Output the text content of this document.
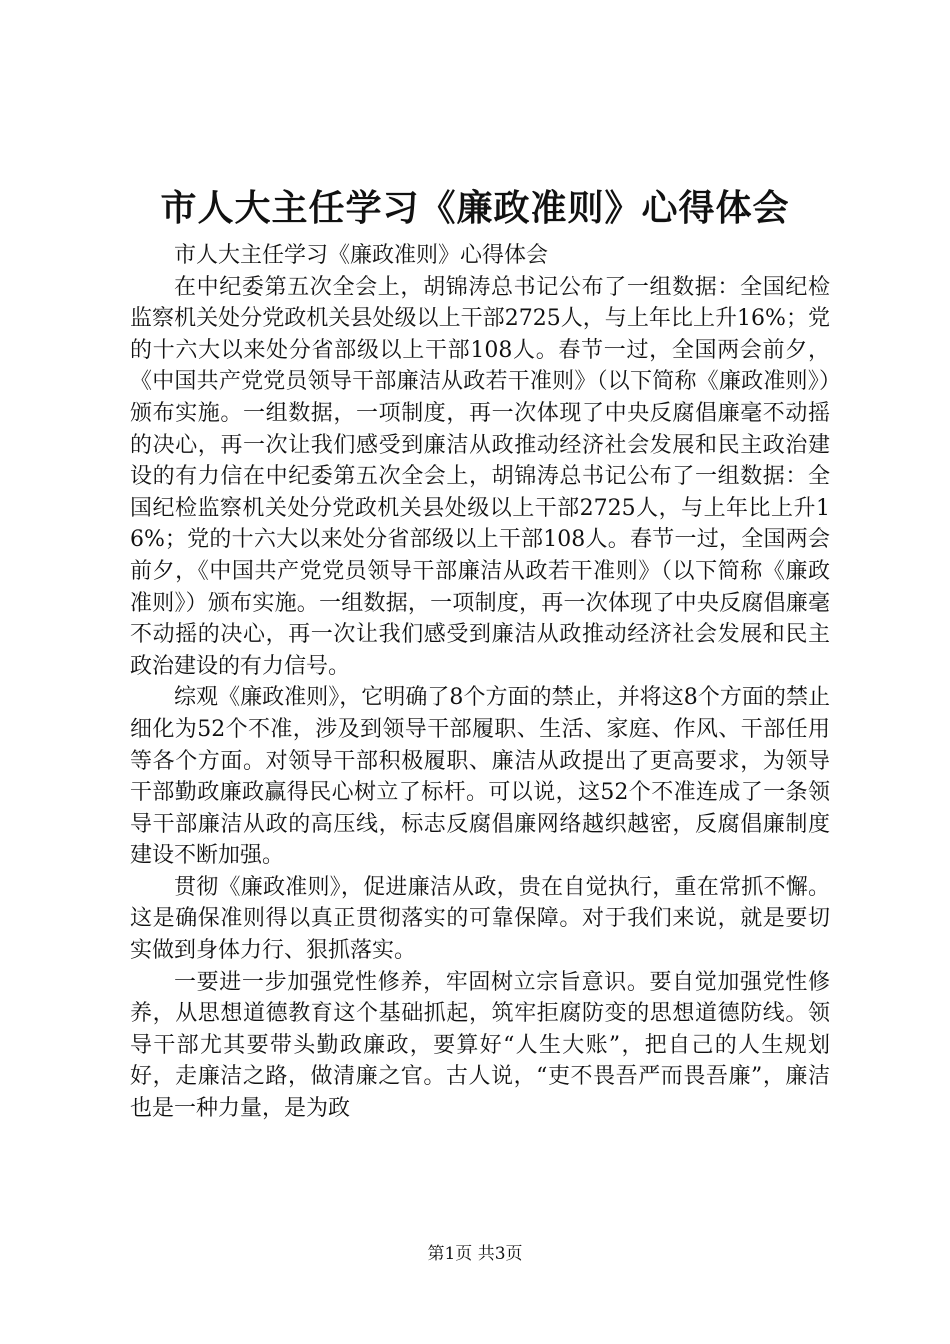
市人大主任学习《廉政准则》心得体会

市人大主任学习《廉政准则》心得体会

在中纪委第五次全会上，胡锦涛总书记公布了一组数据：全国纪检监察机关处分党政机关县处级以上干部2725人，与上年比上升16%；党的十六大以来处分省部级以上干部108人。春节一过，全国两会前夕，《中国共产党党员领导干部廉洁从政若干准则》（以下简称《廉政准则》）颁布实施。一组数据，一项制度，再一次体现了中央反腐倡廉毫不动摇的决心，再一次让我们感受到廉洁从政推动经济社会发展和民主政治建设的有力信在中纪委第五次全会上，胡锦涛总书记公布了一组数据：全国纪检监察机关处分党政机关县处级以上干部2725人，与上年比上升16%；党的十六大以来处分省部级以上干部108人。春节一过，全国两会前夕，《中国共产党党员领导干部廉洁从政若干准则》（以下简称《廉政准则》）颁布实施。一组数据，一项制度，再一次体现了中央反腐倡廉毫不动摇的决心，再一次让我们感受到廉洁从政推动经济社会发展和民主政治建设的有力信号。

综观《廉政准则》，它明确了8个方面的禁止，并将这8个方面的禁止细化为52个不准，涉及到领导干部履职、生活、家庭、作风、干部任用等各个方面。对领导干部积极履职、廉洁从政提出了更高要求，为领导干部勤政廉政赢得民心树立了标杆。可以说，这52个不准连成了一条领导干部廉洁从政的高压线，标志反腐倡廉网络越织越密，反腐倡廉制度建设不断加强。

贯彻《廉政准则》，促进廉洁从政，贵在自觉执行，重在常抓不懈。这是确保准则得以真正贯彻落实的可靠保障。对于我们来说，就是要切实做到身体力行、狠抓落实。

一要进一步加强党性修养，牢固树立宗旨意识。要自觉加强党性修养，从思想道德教育这个基础抓起，筑牢拒腐防变的思想道德防线。领导干部尤其要带头勤政廉政，要算好“人生大账”，把自己的人生规划好，走廉洁之路，做清廉之官。古人说，“吏不畏吾严而畏吾廉”，廉洁也是一种力量，是为政

第1页 共3页
